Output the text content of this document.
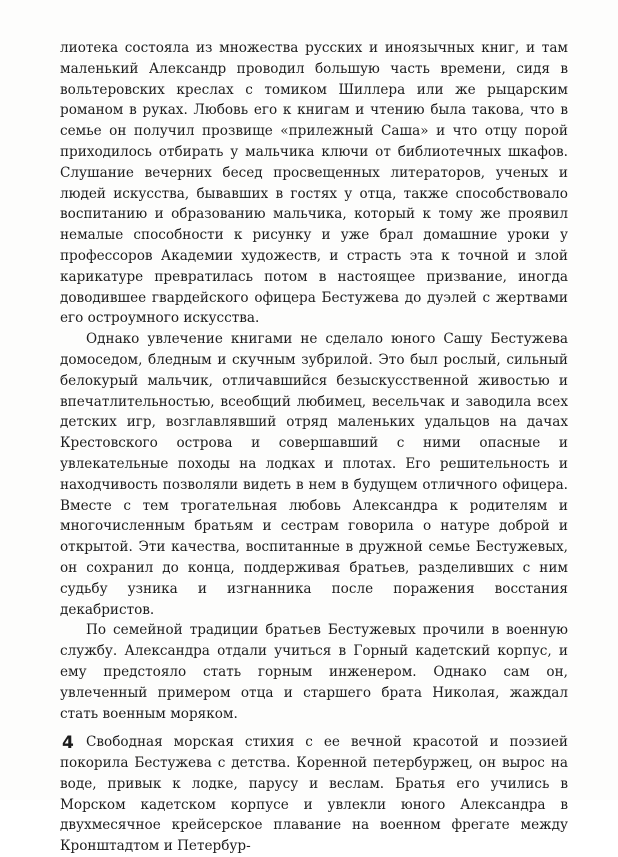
лиотека состояла из множества русских и иноязычных книг, и там маленький Александр проводил большую часть времени, сидя в вольтеровских креслах с томиком Шиллера или же рыцарским романом в руках. Любовь его к книгам и чтению была такова, что в семье он получил прозвище «прилежный Саша» и что отцу порой приходилось отбирать у мальчика ключи от библиотечных шкафов. Слушание вечерних бесед просвещенных литераторов, ученых и людей искусства, бывавших в гостях у отца, также способствовало воспитанию и образованию мальчика, который к тому же проявил немалые способности к рисунку и уже брал домашние уроки у профессоров Академии художеств, и страсть эта к точной и злой карикатуре превратилась потом в настоящее призвание, иногда доводившее гвардейского офицера Бестужева до дуэлей с жертвами его остроумного искусства.

Однако увлечение книгами не сделало юного Сашу Бестужева домоседом, бледным и скучным зубрилой. Это был рослый, сильный белокурый мальчик, отличавшийся безыскусственной живостью и впечатлительностью, всеобщий любимец, весельчак и заводила всех детских игр, возглавлявший отряд маленьких удальцов на дачах Крестовского острова и совершавший с ними опасные и увлекательные походы на лодках и плотах. Его решительность и находчивость позволяли видеть в нем в будущем отличного офицера. Вместе с тем трогательная любовь Александра к родителям и многочисленным братьям и сестрам говорила о натуре доброй и открытой. Эти качества, воспитанные в дружной семье Бестужевых, он сохранил до конца, поддерживая братьев, разделивших с ним судьбу узника и изгнанника после поражения восстания декабристов.

По семейной традиции братьев Бестужевых прочили в военную службу. Александра отдали учиться в Горный кадетский корпус, и ему предстояло стать горным инженером. Однако сам он, увлеченный примером отца и старшего брата Николая, жаждал стать военным моряком.

Свободная морская стихия с ее вечной красотой и поэзией покорила Бестужева с детства. Коренной петербуржец, он вырос на воде, привык к лодке, парусу и веслам. Братья его учились в Морском кадетском корпусе и увлекли юного Александра в двухмесячное крейсерское плавание на военном фрегате между Кронштадтом и Петербур-

4
